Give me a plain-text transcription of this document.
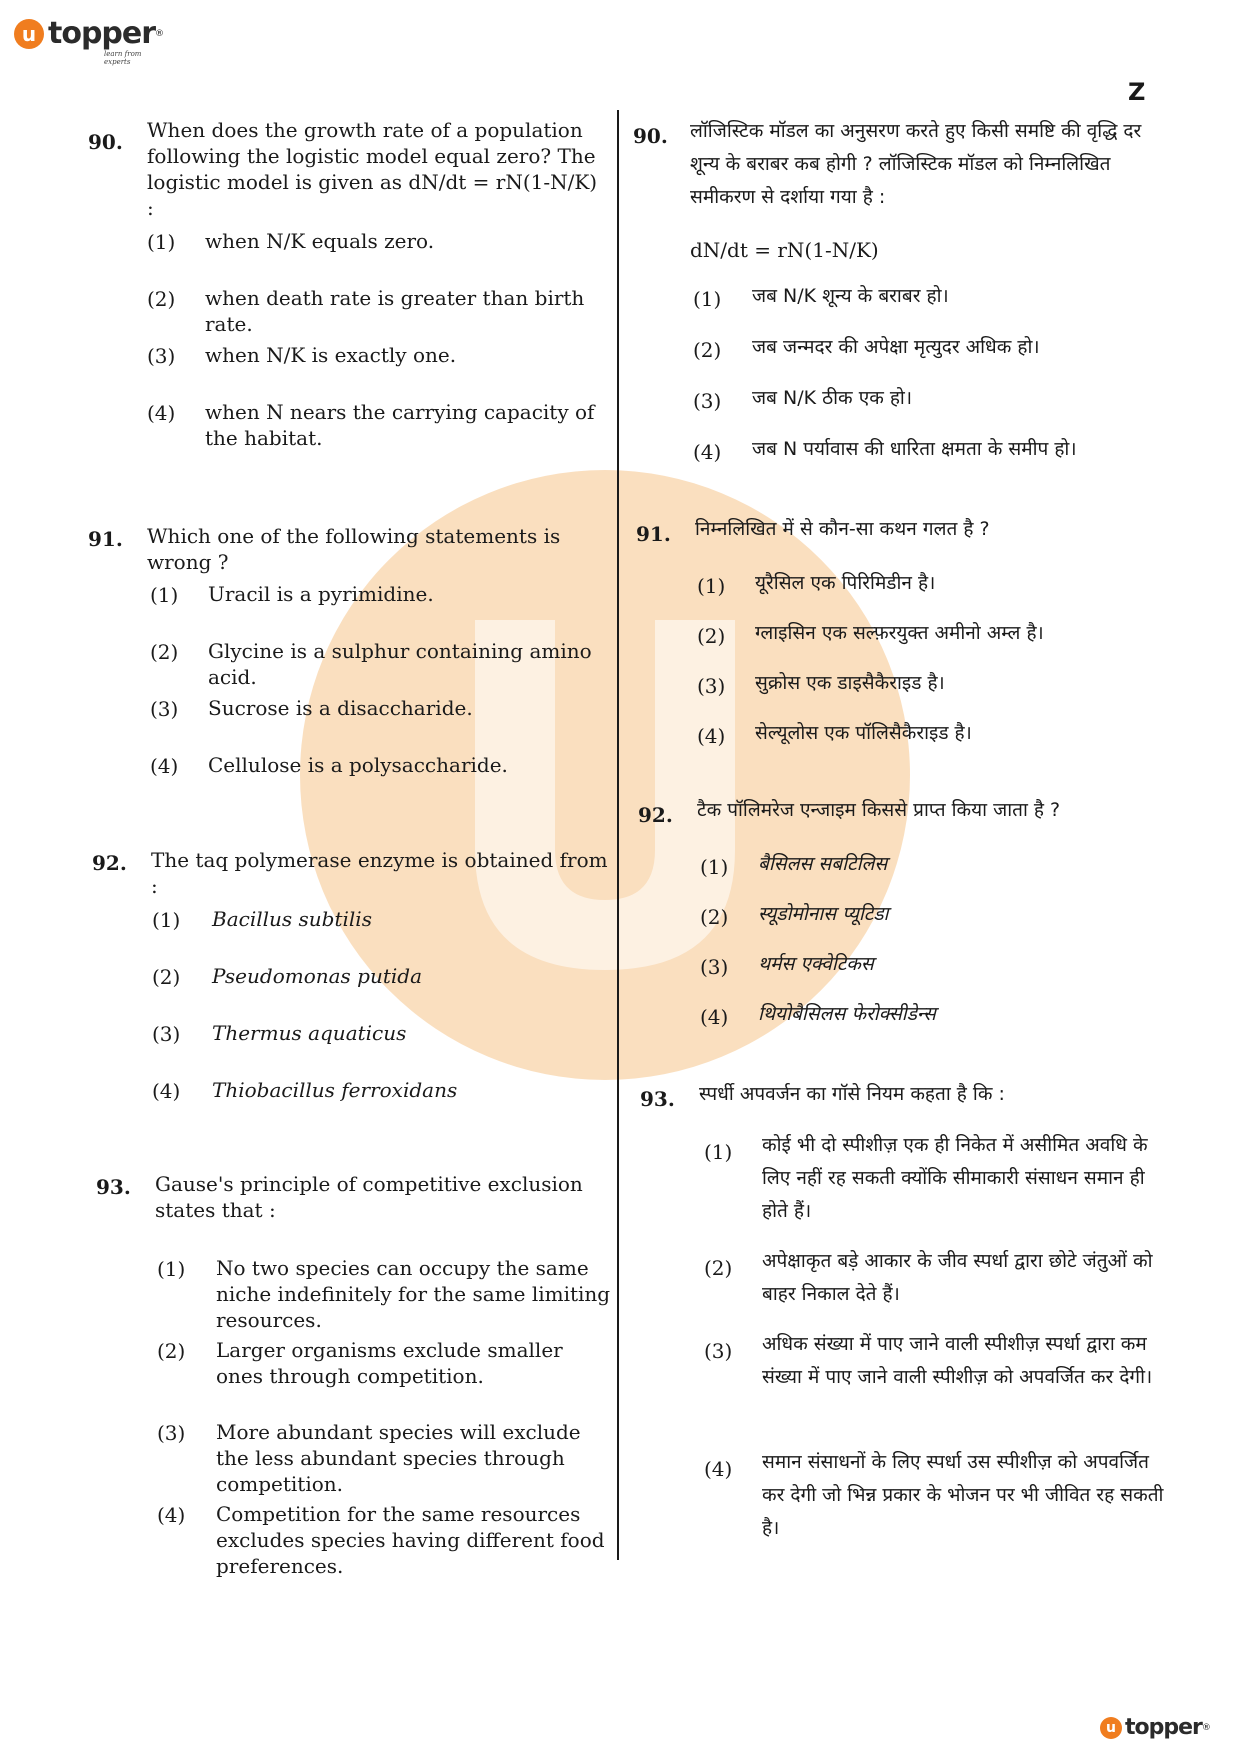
u topper ®
learn from experts
Z
90. When does the growth rate of a population following the logistic model equal zero? The logistic model is given as dN/dt = rN(1-N/K) :
(1) when N/K equals zero.
(2) when death rate is greater than birth rate.
(3) when N/K is exactly one.
(4) when N nears the carrying capacity of the habitat.
91. Which one of the following statements is wrong ?
(1) Uracil is a pyrimidine.
(2) Glycine is a sulphur containing amino acid.
(3) Sucrose is a disaccharide.
(4) Cellulose is a polysaccharide.
92. The taq polymerase enzyme is obtained from :
(1) Bacillus subtilis
(2) Pseudomonas putida
(3) Thermus aquaticus
(4) Thiobacillus ferroxidans
93. Gause's principle of competitive exclusion states that :
(1) No two species can occupy the same niche indefinitely for the same limiting resources.
(2) Larger organisms exclude smaller ones through competition.
(3) More abundant species will exclude the less abundant species through competition.
(4) Competition for the same resources excludes species having different food preferences.
90. लॉजिस्टिक मॉडल का अनुसरण करते हुए किसी समष्टि की वृद्धि दर शून्य के बराबर कब होगी ? लॉजिस्टिक मॉडल को निम्नलिखित समीकरण से दर्शाया गया है :
dN/dt = rN(1-N/K)
(1) जब N/K शून्य के बराबर हो।
(2) जब जन्मदर की अपेक्षा मृत्युदर अधिक हो।
(3) जब N/K ठीक एक हो।
(4) जब N पर्यावास की धारिता क्षमता के समीप हो।
91. निम्नलिखित में से कौन-सा कथन गलत है ?
(1) यूरैसिल एक पिरिमिडीन है।
(2) ग्लाइसिन एक सल्फ़रयुक्त अमीनो अम्ल है।
(3) सुक्रोस एक डाइसैकैराइड है।
(4) सेल्यूलोस एक पॉलिसैकैराइड है।
92. टैक पॉलिमरेज एन्जाइम किससे प्राप्त किया जाता है ?
(1) बैसिलस सबटिलिस
(2) स्यूडोमोनास प्यूटिडा
(3) थर्मस एक्वेटिकस
(4) थियोबैसिलस फेरोक्सीडेन्स
93. स्पर्धी अपवर्जन का गॉसे नियम कहता है कि :
(1) कोई भी दो स्पीशीज़ एक ही निकेत में असीमित अवधि के लिए नहीं रह सकती क्योंकि सीमाकारी संसाधन समान ही होते हैं।
(2) अपेक्षाकृत बड़े आकार के जीव स्पर्धा द्वारा छोटे जंतुओं को बाहर निकाल देते हैं।
(3) अधिक संख्या में पाए जाने वाली स्पीशीज़ स्पर्धा द्वारा कम संख्या में पाए जाने वाली स्पीशीज़ को अपवर्जित कर देगी।
(4) समान संसाधनों के लिए स्पर्धा उस स्पीशीज़ को अपवर्जित कर देगी जो भिन्न प्रकार के भोजन पर भी जीवित रह सकती है।
u topper ®
